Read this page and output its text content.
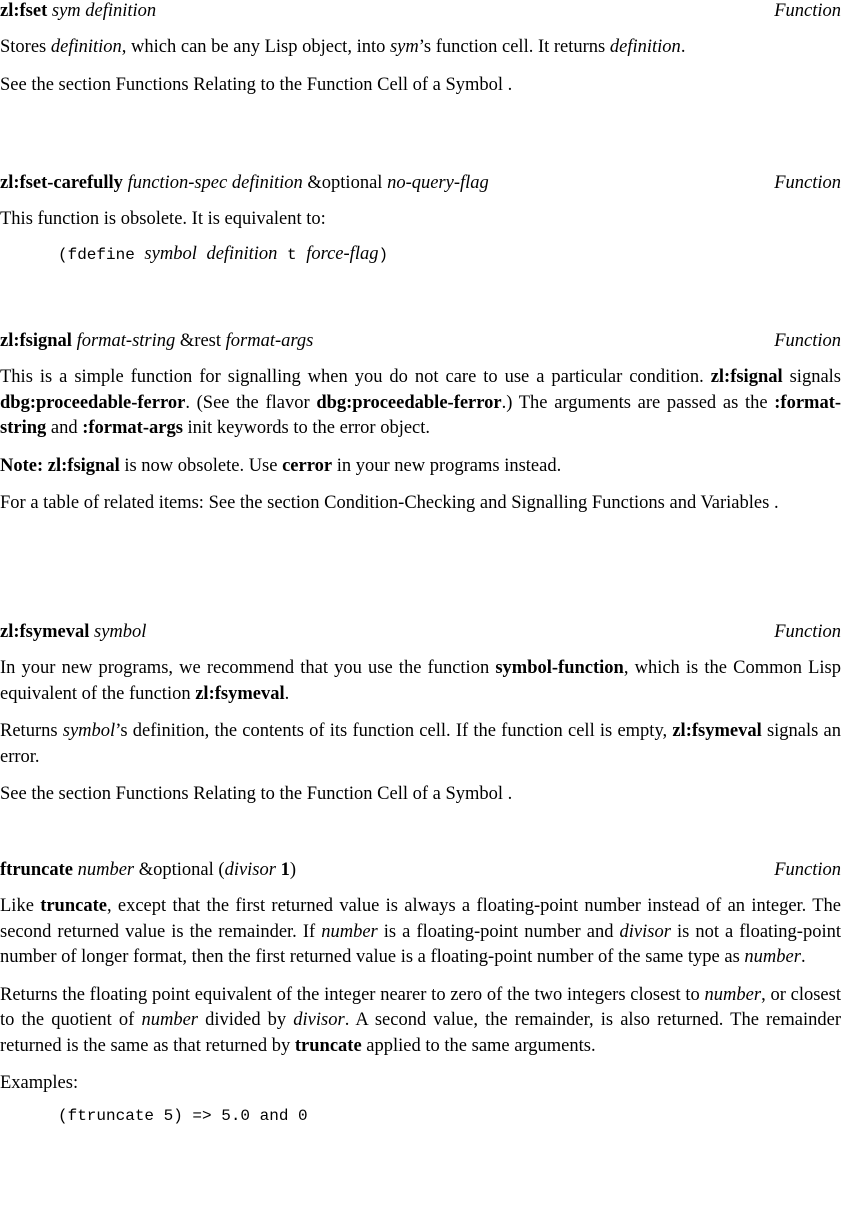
zl:fset sym definition	Function

Stores definition, which can be any Lisp object, into sym’s function cell. It returns definition.

See the section Functions Relating to the Function Cell of a Symbol .

zl:fset-carefully function-spec definition &optional no-query-flag	Function

This function is obsolete. It is equivalent to:

(fdefine symbol definition t force-flag)
zl:fsignal format-string &rest format-args	Function

This is a simple function for signalling when you do not care to use a particular condition. zl:fsignal signals dbg:proceedable-ferror. (See the flavor dbg:proceedable-ferror.) The arguments are passed as the :format-string and :format-args init keywords to the error object.

Note: zl:fsignal is now obsolete. Use cerror in your new programs instead.

For a table of related items: See the section Condition-Checking and Signalling Functions and Variables .

zl:fsymeval symbol	Function

In your new programs, we recommend that you use the function symbol-function, which is the Common Lisp equivalent of the function zl:fsymeval.

Returns symbol’s definition, the contents of its function cell. If the function cell is empty, zl:fsymeval signals an error.

See the section Functions Relating to the Function Cell of a Symbol .

ftruncate number &optional (divisor 1)	Function

Like truncate, except that the first returned value is always a floating-point number instead of an integer. The second returned value is the remainder. If number is a floating-point number and divisor is not a floating-point number of longer format, then the first returned value is a floating-point number of the same type as number.

Returns the floating point equivalent of the integer nearer to zero of the two integers closest to number, or closest to the quotient of number divided by divisor. A second value, the remainder, is also returned. The remainder returned is the same as that returned by truncate applied to the same arguments.

Examples:

(ftruncate 5) => 5.0 and 0
